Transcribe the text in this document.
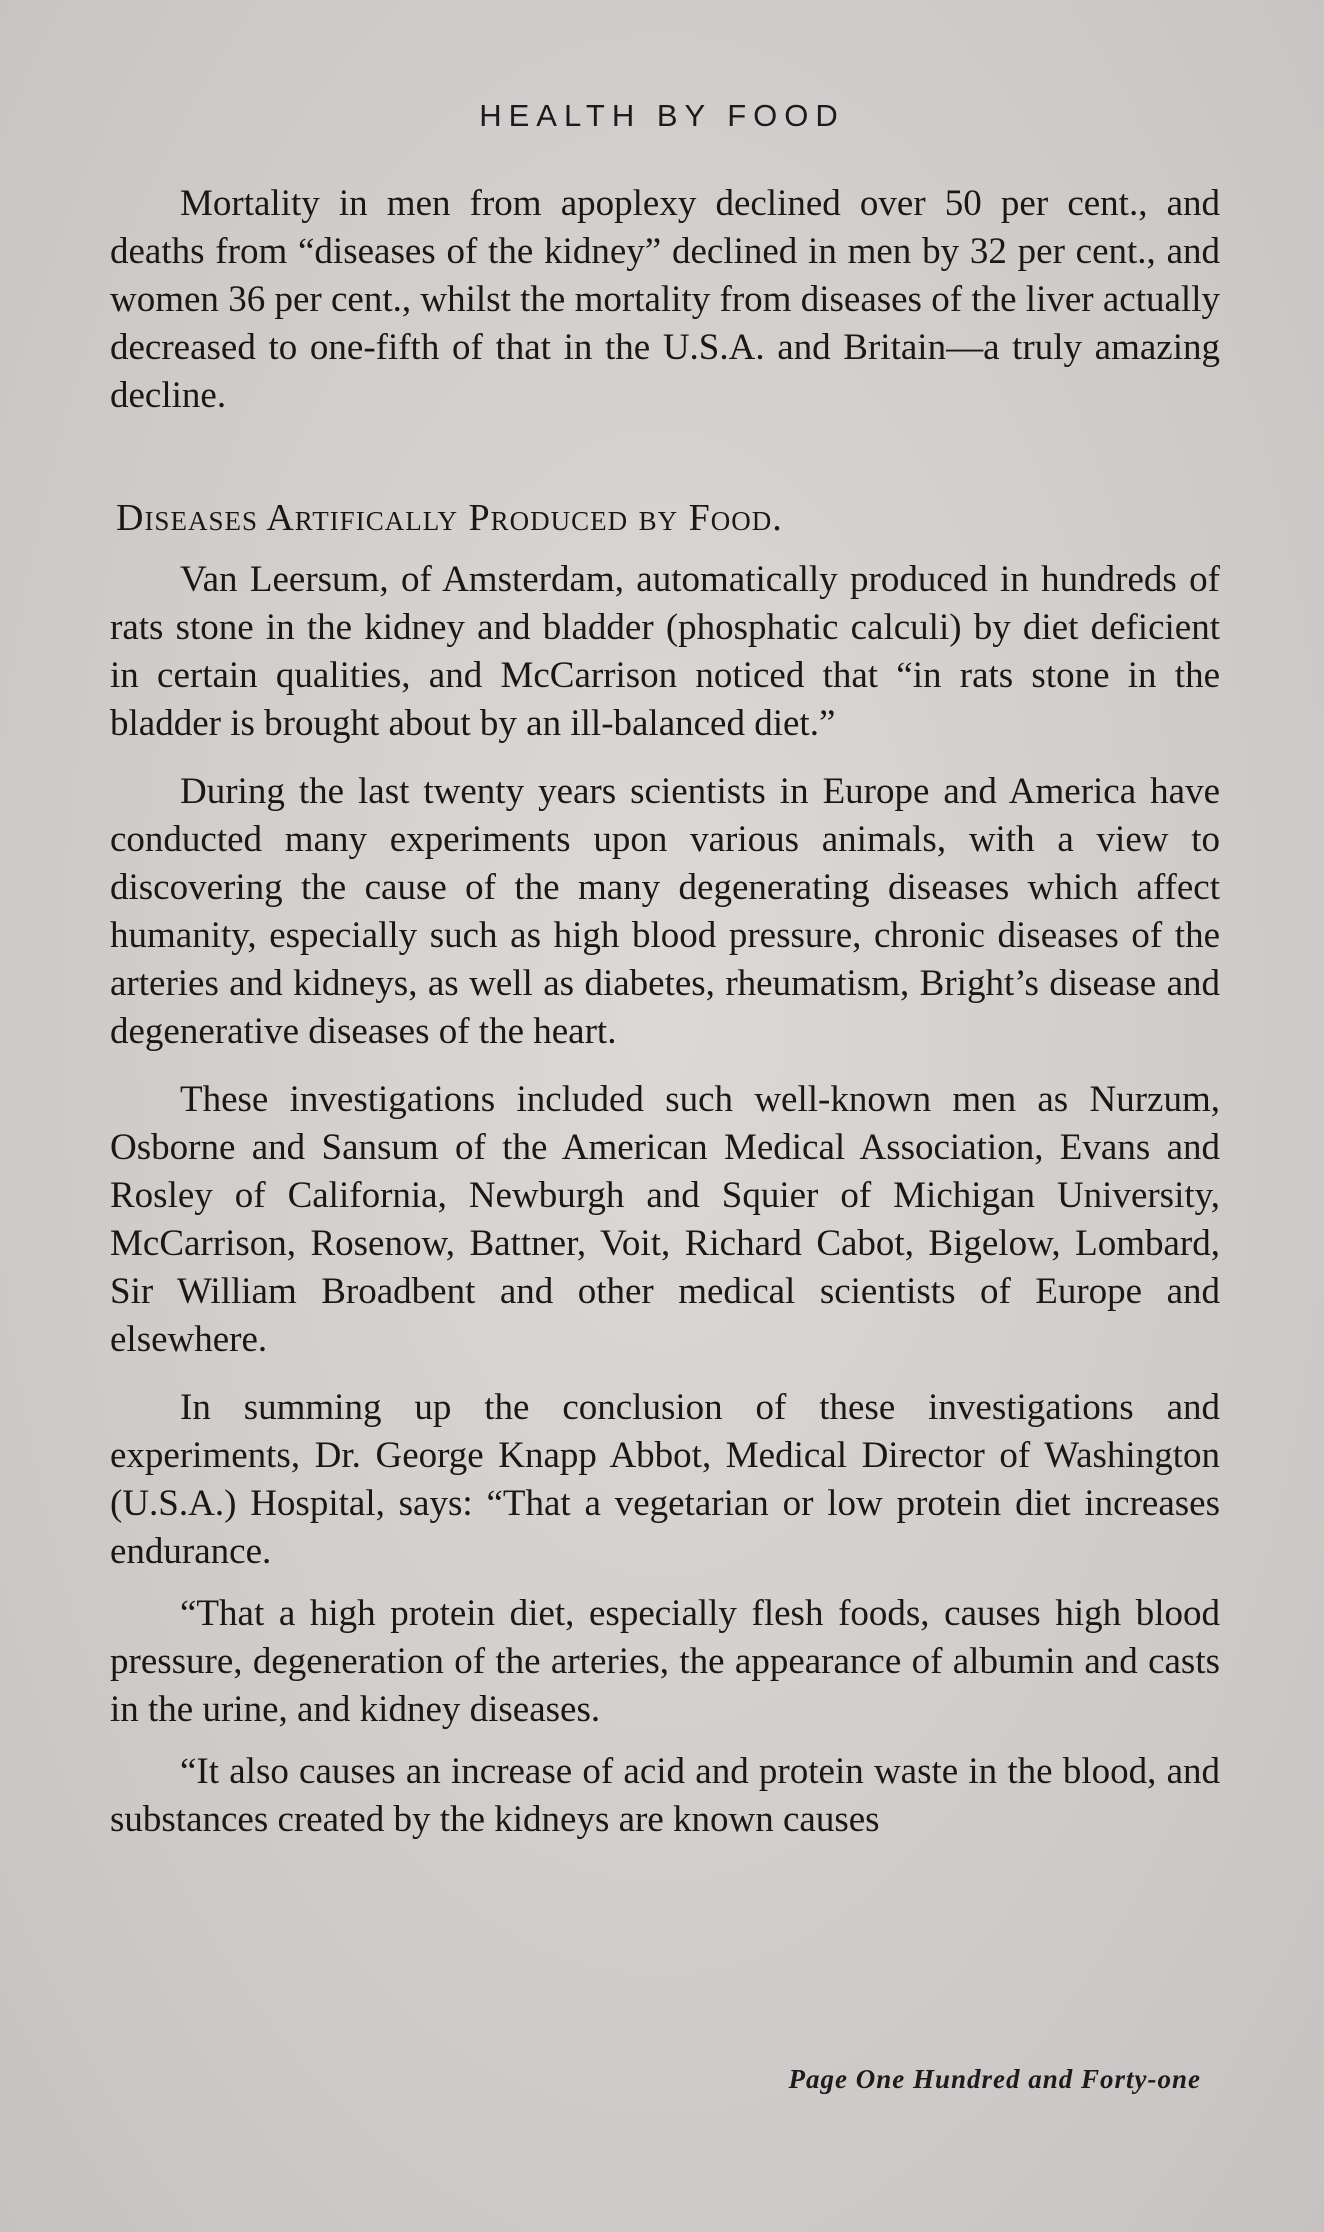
HEALTH BY FOOD

Mortality in men from apoplexy declined over 50 per cent., and deaths from “diseases of the kidney” declined in men by 32 per cent., and women 36 per cent., whilst the mortality from diseases of the liver actually decreased to one-fifth of that in the U.S.A. and Britain—a truly amazing decline.

Diseases Artifically Produced by Food.

Van Leersum, of Amsterdam, automatically produced in hundreds of rats stone in the kidney and bladder (phosphatic calculi) by diet deficient in certain qualities, and McCarrison noticed that “in rats stone in the bladder is brought about by an ill-balanced diet.”

During the last twenty years scientists in Europe and America have conducted many experiments upon various animals, with a view to discovering the cause of the many degenerating diseases which affect humanity, especially such as high blood pressure, chronic diseases of the arteries and kidneys, as well as diabetes, rheumatism, Bright’s disease and degenerative diseases of the heart.

These investigations included such well-known men as Nurzum, Osborne and Sansum of the American Medical Association, Evans and Rosley of California, Newburgh and Squier of Michigan University, McCarrison, Rosenow, Battner, Voit, Richard Cabot, Bigelow, Lombard, Sir William Broadbent and other medical scientists of Europe and elsewhere.

In summing up the conclusion of these investigations and experiments, Dr. George Knapp Abbot, Medical Director of Washington (U.S.A.) Hospital, says: “That a vegetarian or low protein diet increases endurance.

“That a high protein diet, especially flesh foods, causes high blood pressure, degeneration of the arteries, the appearance of albumin and casts in the urine, and kidney diseases.

“It also causes an increase of acid and protein waste in the blood, and substances created by the kidneys are known causes

Page One Hundred and Forty-one
